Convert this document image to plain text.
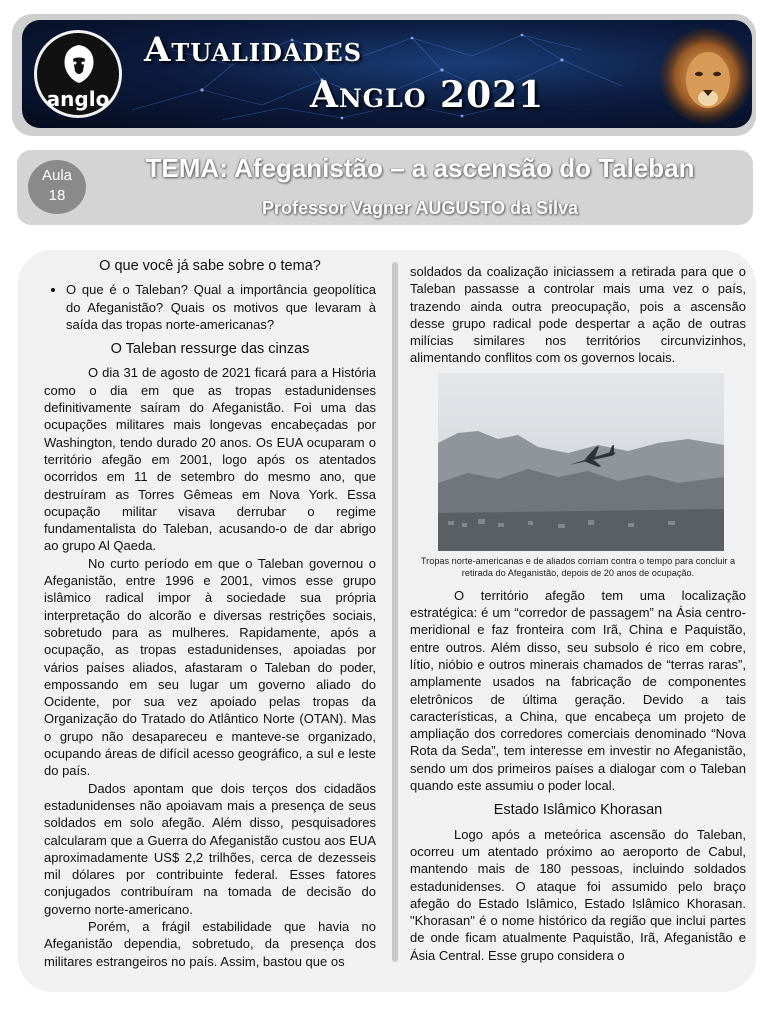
anglo
Atualidades
Anglo 2021
Aula
18
TEMA: Afeganistão – a ascensão do Taleban
Professor Vagner AUGUSTO da Silva
O que você já sabe sobre o tema?
• O que é o Taleban? Qual a importância geopolítica do Afeganistão? Quais os motivos que levaram à saída das tropas norte-americanas?
O Taleban ressurge das cinzas

O dia 31 de agosto de 2021 ficará para a História como o dia em que as tropas estadunidenses definitivamente saíram do Afeganistão. Foi uma das ocupações militares mais longevas encabeçadas por Washington, tendo durado 20 anos. Os EUA ocuparam o território afegão em 2001, logo após os atentados ocorridos em 11 de setembro do mesmo ano, que destruíram as Torres Gêmeas em Nova York. Essa ocupação militar visava derrubar o regime fundamentalista do Taleban, acusando-o de dar abrigo ao grupo Al Qaeda.

No curto período em que o Taleban governou o Afeganistão, entre 1996 e 2001, vimos esse grupo islâmico radical impor à sociedade sua própria interpretação do alcorão e diversas restrições sociais, sobretudo para as mulheres. Rapidamente, após a ocupação, as tropas estadunidenses, apoiadas por vários países aliados, afastaram o Taleban do poder, empossando em seu lugar um governo aliado do Ocidente, por sua vez apoiado pelas tropas da Organização do Tratado do Atlântico Norte (OTAN). Mas o grupo não desapareceu e manteve-se organizado, ocupando áreas de difícil acesso geográfico, a sul e leste do país.

Dados apontam que dois terços dos cidadãos estadunidenses não apoiavam mais a presença de seus soldados em solo afegão. Além disso, pesquisadores calcularam que a Guerra do Afeganistão custou aos EUA aproximadamente US$ 2,2 trilhões, cerca de dezesseis mil dólares por contribuinte federal. Esses fatores conjugados contribuíram na tomada de decisão do governo norte-americano.

Porém, a frágil estabilidade que havia no Afeganistão dependia, sobretudo, da presença dos militares estrangeiros no país. Assim, bastou que os

soldados da coalização iniciassem a retirada para que o Taleban passasse a controlar mais uma vez o país, trazendo ainda outra preocupação, pois a ascensão desse grupo radical pode despertar a ação de outras milícias similares nos territórios circunvizinhos, alimentando conflitos com os governos locais.

Tropas norte-americanas e de aliados corriam contra o tempo para concluir a retirada do Afeganistão, depois de 20 anos de ocupação.

O território afegão tem uma localização estratégica: é um “corredor de passagem” na Ásia centro-meridional e faz fronteira com Irã, China e Paquistão, entre outros. Além disso, seu subsolo é rico em cobre, lítio, nióbio e outros minerais chamados de “terras raras”, amplamente usados na fabricação de componentes eletrônicos de última geração. Devido a tais características, a China, que encabeça um projeto de ampliação dos corredores comerciais denominado “Nova Rota da Seda”, tem interesse em investir no Afeganistão, sendo um dos primeiros países a dialogar com o Taleban quando este assumiu o poder local.

Estado Islâmico Khorasan

Logo após a meteórica ascensão do Taleban, ocorreu um atentado próximo ao aeroporto de Cabul, mantendo mais de 180 pessoas, incluindo soldados estadunidenses. O ataque foi assumido pelo braço afegão do Estado Islâmico, Estado Islâmico Khorasan. "Khorasan" é o nome histórico da região que inclui partes de onde ficam atualmente Paquistão, Irã, Afeganistão e Ásia Central. Esse grupo considera o
